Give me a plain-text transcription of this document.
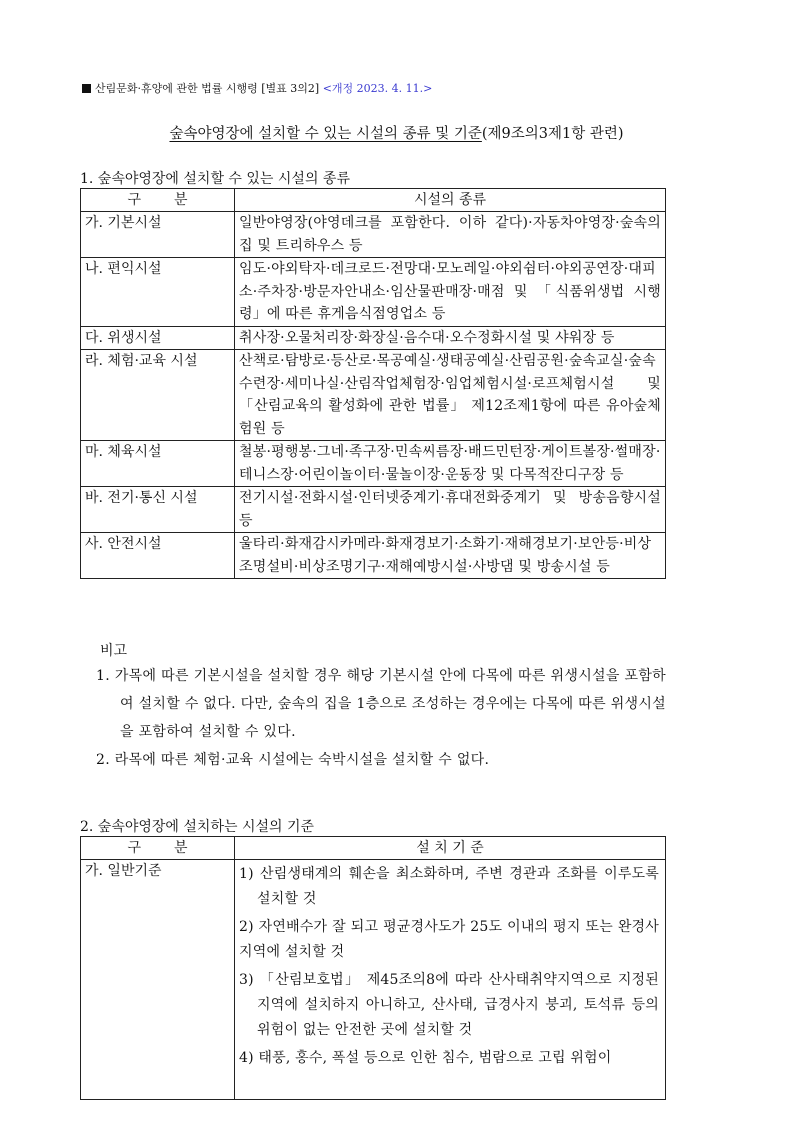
산림문화·휴양에 관한 법률 시행령 [별표 3의2] <개정 2023. 4. 11.>
숲속야영장에 설치할 수 있는 시설의 종류 및 기준(제9조의3제1항 관련)
1. 숲속야영장에 설치할 수 있는 시설의 종류
구 분	시설의 종류
가. 기본시설	일반야영장(야영데크를 포함한다. 이하 같다)·자동차야영장·숲속의 집 및 트리하우스 등
나. 편익시설	임도·야외탁자·데크로드·전망대·모노레일·야외쉼터·야외공연장·대피소·주차장·방문자안내소·임산물판매장·매점 및 「식품위생법 시행령」에 따른 휴게음식점영업소 등
다. 위생시설	취사장·오물처리장·화장실·음수대·오수정화시설 및 샤워장 등
라. 체험·교육 시설	산책로·탐방로·등산로·목공예실·생태공예실·산림공원·숲속교실·숲속수련장·세미나실·산림작업체험장·임업체험시설·로프체험시설 및 「산림교육의 활성화에 관한 법률」 제12조제1항에 따른 유아숲체험원 등
마. 체육시설	철봉·평행봉·그네·족구장·민속씨름장·배드민턴장·게이트볼장·썰매장·테니스장·어린이놀이터·물놀이장·운동장 및 다목적잔디구장 등
바. 전기·통신 시설	전기시설·전화시설·인터넷중계기·휴대전화중계기 및 방송음향시설 등
사. 안전시설	울타리·화재감시카메라·화재경보기·소화기·재해경보기·보안등·비상조명설비·비상조명기구·재해예방시설·사방댐 및 방송시설 등
비고
1. 가목에 따른 기본시설을 설치할 경우 해당 기본시설 안에 다목에 따른 위생시설을 포함하여 설치할 수 없다. 다만, 숲속의 집을 1층으로 조성하는 경우에는 다목에 따른 위생시설을 포함하여 설치할 수 있다.
2. 라목에 따른 체험·교육 시설에는 숙박시설을 설치할 수 없다.
2. 숲속야영장에 설치하는 시설의 기준
구 분	설 치 기 준
가. 일반기준	1) 산림생태계의 훼손을 최소화하며, 주변 경관과 조화를 이루도록 설치할 것
2) 자연배수가 잘 되고 평균경사도가 25도 이내의 평지 또는 완경사 지역에 설치할 것
3) 「산림보호법」 제45조의8에 따라 산사태취약지역으로 지정된 지역에 설치하지 아니하고, 산사태, 급경사지 붕괴, 토석류 등의 위험이 없는 안전한 곳에 설치할 것
4) 태풍, 홍수, 폭설 등으로 인한 침수, 범람으로 고립 위험이
